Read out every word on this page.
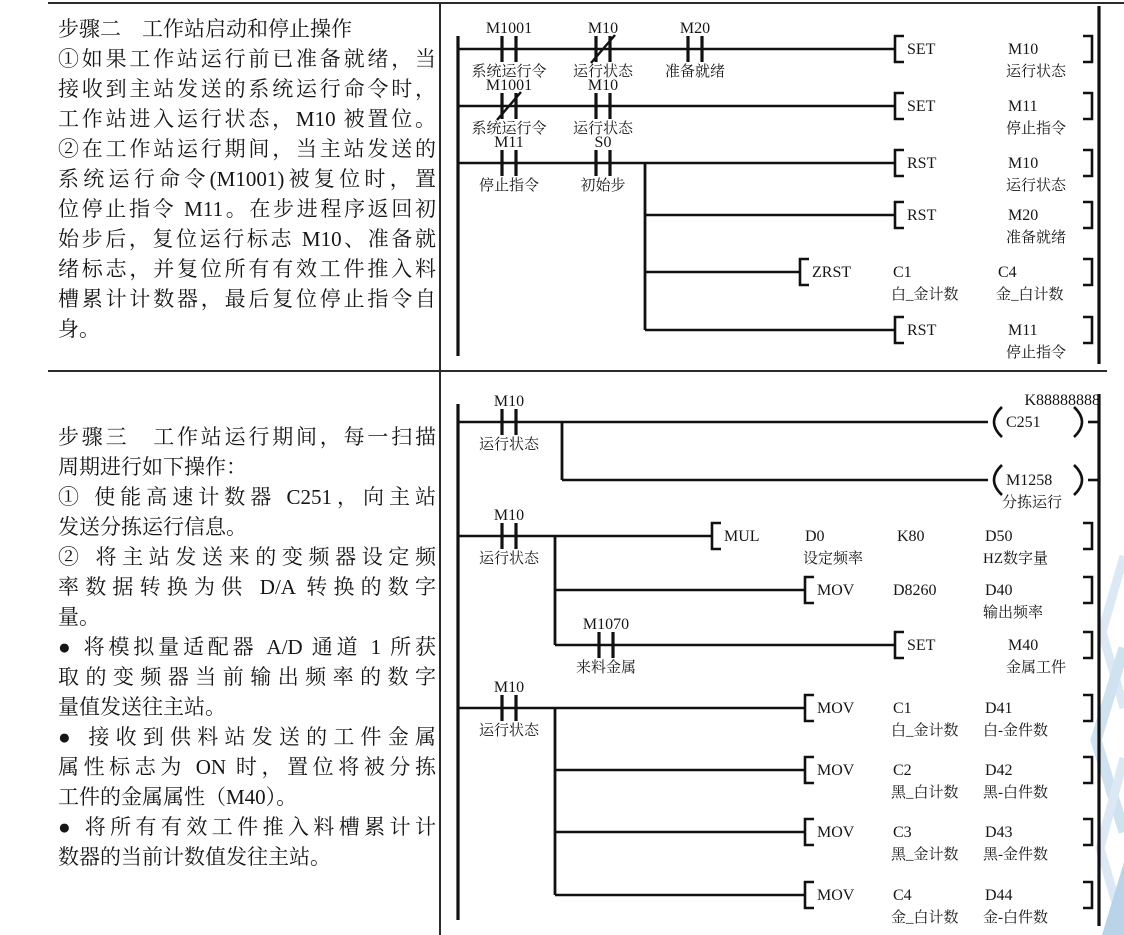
M1001
系统运行令
M10
运行状态
M20
准备就绪
SET	M10
运行状态
M1001
系统运行令
M10
运行状态
SET	M11
停止指令
M11
停止指令
S0
初始步
RST	M10
运行状态
RST	M20
准备就绪
ZRST	C1
白_金计数
C4
金_白计数
RST	M11
停止指令
M10
运行状态
C251
K88888888
M1258
分拣运行
M10
运行状态
MUL	D0
设定频率
K80	D50
HZ数字量
MOV D8260	D40
输出频率
M1070
来料金属
SET	M40
金属工件
M10
运行状态
MOV C1
白_金计数
D41
白-金件数
MOV C2
黑_白计数
D42
黑-白件数
MOV C3
黑_金计数
D43
黑-金件数
MOV C4
金_白计数
D44
金-白件数
步骤二　工作站启动和停止操作
①如果工作站运行前已准备就绪，当
接收到主站发送的系统运行命令时，
工作站进入运行状态，M10 被置位。
②在工作站运行期间，当主站发送的
系统运行命令(M1001)被复位时，置
位停止指令 M11。在步进程序返回初
始步后，复位运行标志 M10、准备就
绪标志，并复位所有有效工件推入料
槽累计计数器，最后复位停止指令自
身。
步骤三　工作站运行期间，每一扫描
周期进行如下操作：
① 使能高速计数器 C251，向主站
发送分拣运行信息。
② 将主站发送来的变频器设定频
率数据转换为供 D/A 转换的数字
量。
● 将模拟量适配器 A/D 通道 1 所获
取的变频器当前输出频率的数字
量值发送往主站。
● 接收到供料站发送的工件金属
属性标志为 ON 时，置位将被分拣
工件的金属属性（M40）。
● 将所有有效工件推入料槽累计计
数器的当前计数值发往主站。
